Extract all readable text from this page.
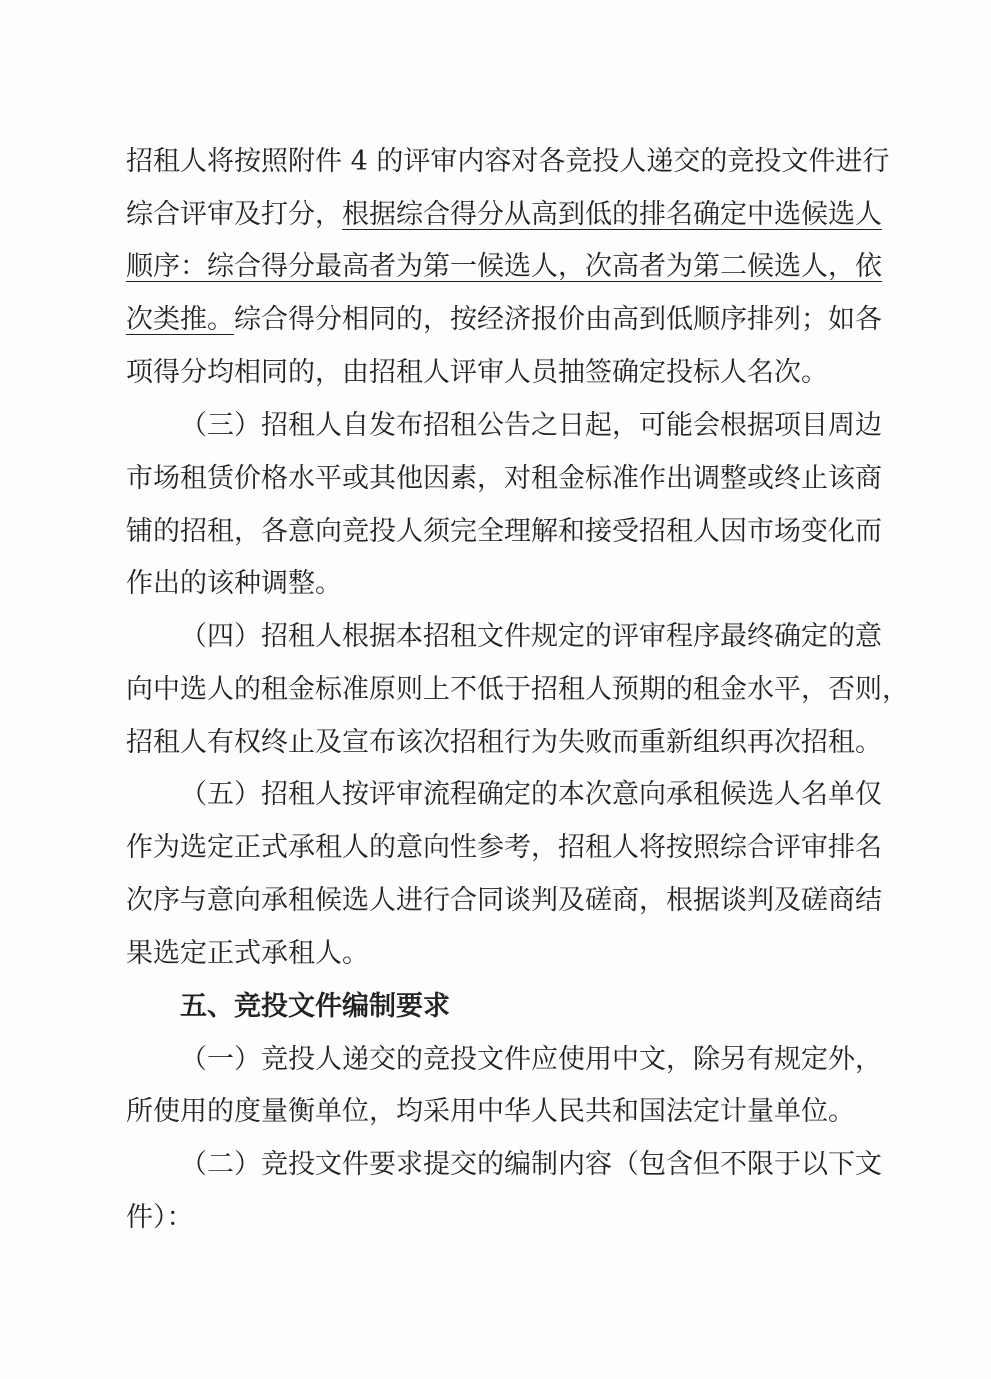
招租人将按照附件 4 的评审内容对各竞投人递交的竞投文件进行
综合评审及打分，根据综合得分从高到低的排名确定中选候选人
顺序：综合得分最高者为第一候选人，次高者为第二候选人，依
次类推。综合得分相同的，按经济报价由高到低顺序排列；如各
项得分均相同的，由招租人评审人员抽签确定投标人名次。
（三）招租人自发布招租公告之日起，可能会根据项目周边
市场租赁价格水平或其他因素，对租金标准作出调整或终止该商
铺的招租，各意向竞投人须完全理解和接受招租人因市场变化而
作出的该种调整。
（四）招租人根据本招租文件规定的评审程序最终确定的意
向中选人的租金标准原则上不低于招租人预期的租金水平，否则，
招租人有权终止及宣布该次招租行为失败而重新组织再次招租。
（五）招租人按评审流程确定的本次意向承租候选人名单仅
作为选定正式承租人的意向性参考，招租人将按照综合评审排名
次序与意向承租候选人进行合同谈判及磋商，根据谈判及磋商结
果选定正式承租人。
五、竞投文件编制要求
（一）竞投人递交的竞投文件应使用中文，除另有规定外，
所使用的度量衡单位，均采用中华人民共和国法定计量单位。
（二）竞投文件要求提交的编制内容（包含但不限于以下文
件）：
